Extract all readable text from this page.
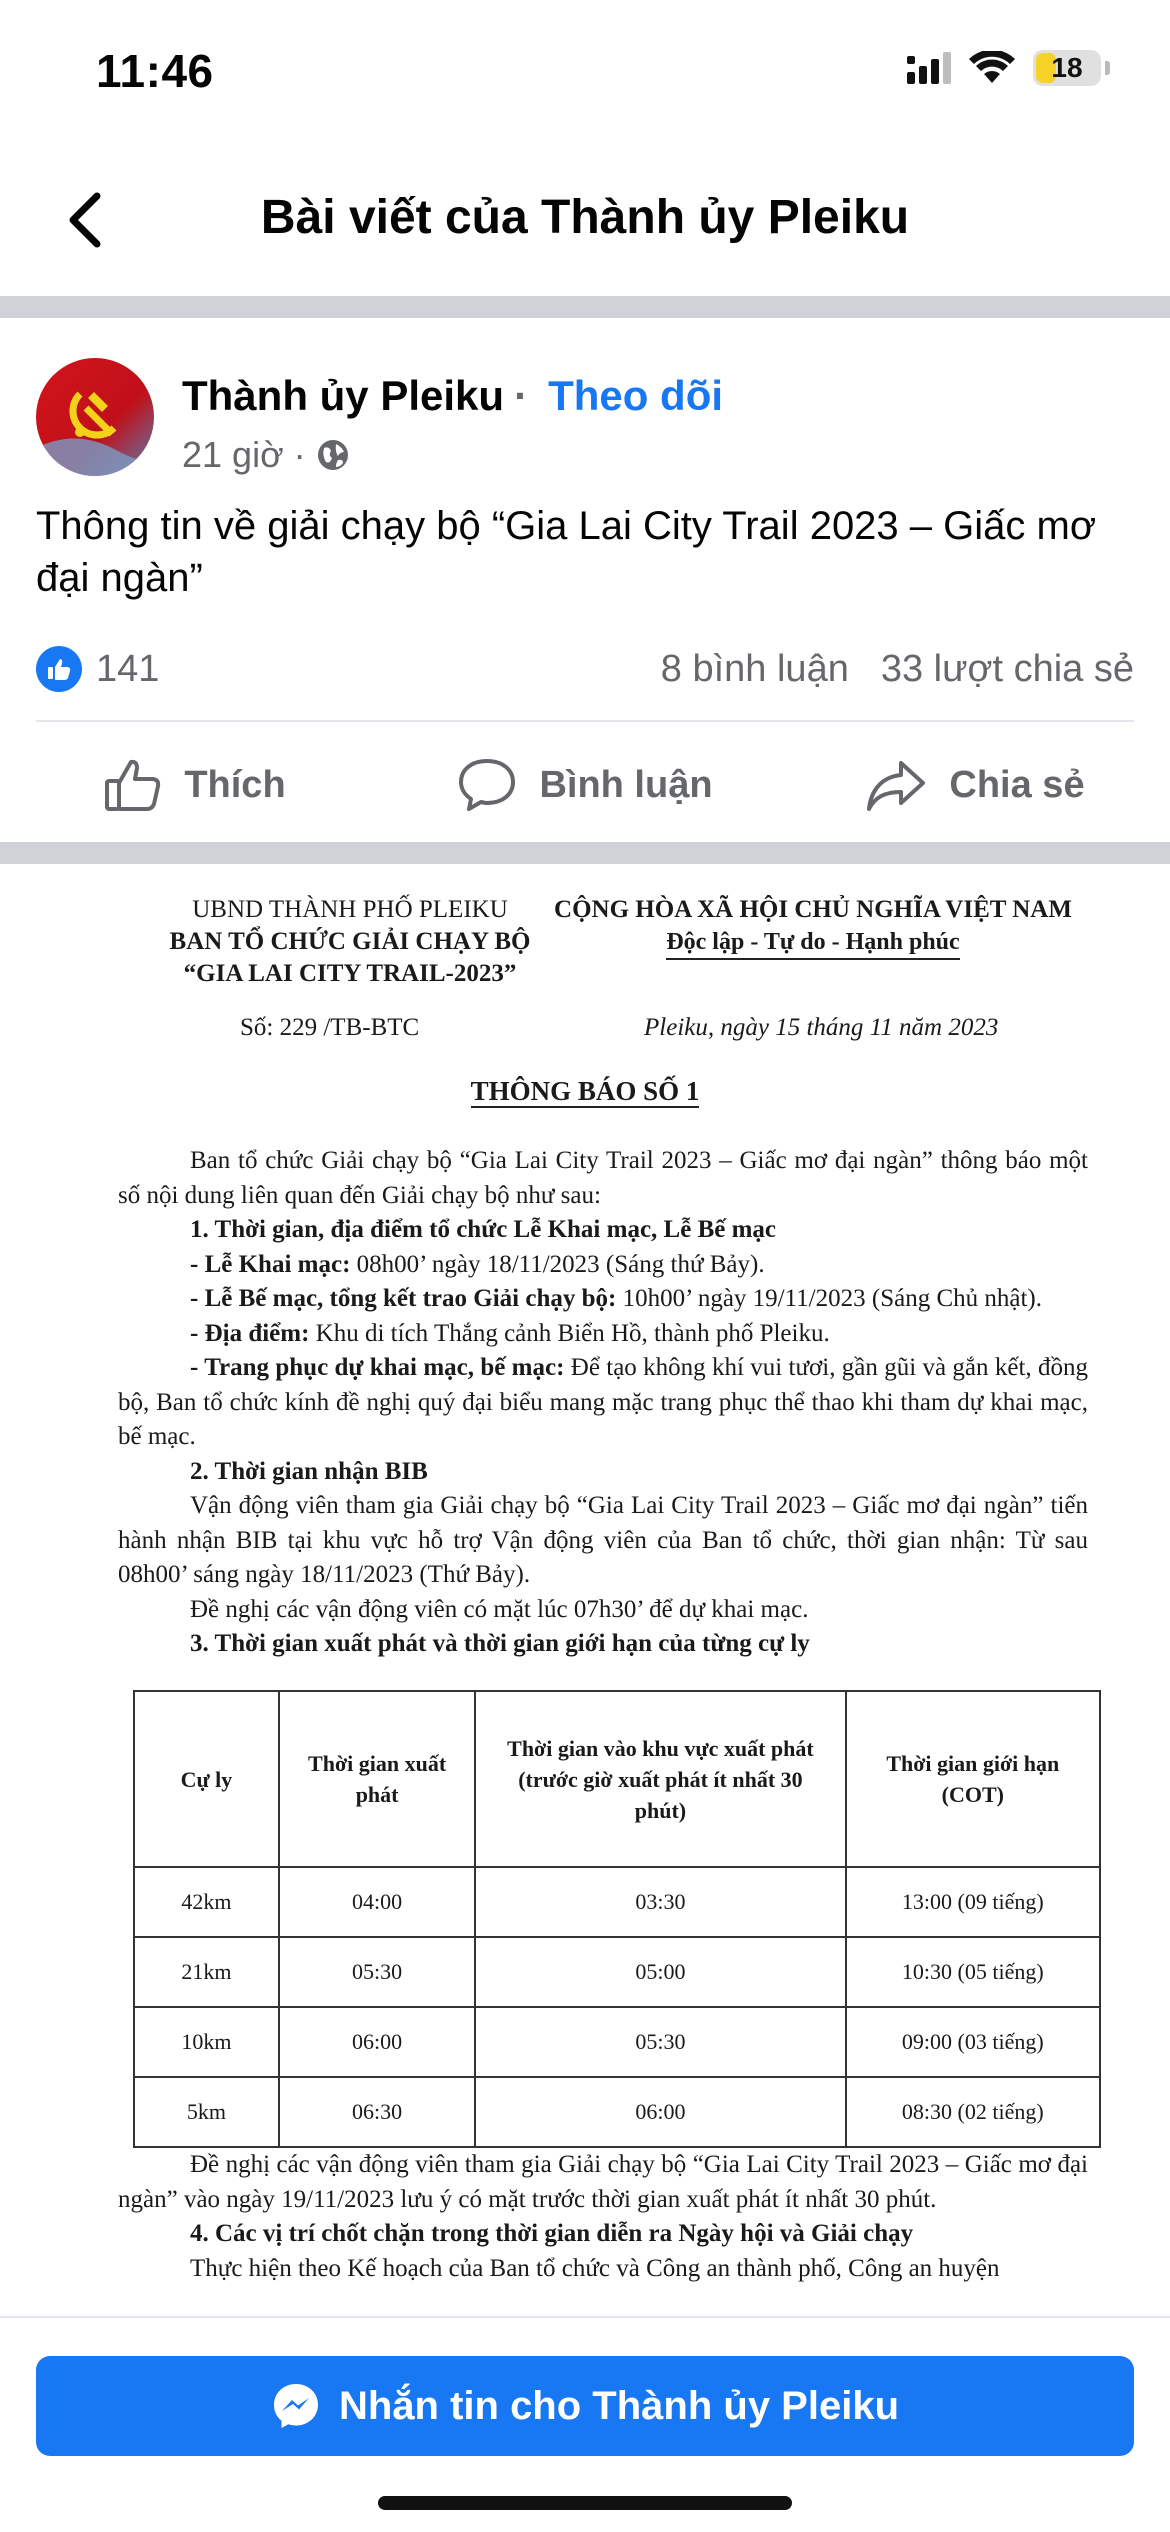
11:46	18
Bài viết của Thành ủy Pleiku
Thành ủy Pleiku · Theo dõi
21 giờ ·
Thông tin về giải chạy bộ “Gia Lai City Trail 2023 – Giấc mơ đại ngàn”
141	8 bình luận 33 lượt chia sẻ
Thích	Bình luận	Chia sẻ
UBND THÀNH PHỐ PLEIKU
BAN TỔ CHỨC GIẢI CHẠY BỘ
“GIA LAI CITY TRAIL-2023”
CỘNG HÒA XÃ HỘI CHỦ NGHĨA VIỆT NAM
Độc lập - Tự do - Hạnh phúc
Số: 229 /TB-BTC	Pleiku, ngày 15 tháng 11 năm 2023
THÔNG BÁO SỐ 1

Ban tổ chức Giải chạy bộ “Gia Lai City Trail 2023 – Giấc mơ đại ngàn” thông báo một số nội dung liên quan đến Giải chạy bộ như sau:

1. Thời gian, địa điểm tổ chức Lễ Khai mạc, Lễ Bế mạc

- Lễ Khai mạc: 08h00’ ngày 18/11/2023 (Sáng thứ Bảy).

- Lễ Bế mạc, tổng kết trao Giải chạy bộ: 10h00’ ngày 19/11/2023 (Sáng Chủ nhật).

- Địa điểm: Khu di tích Thắng cảnh Biển Hồ, thành phố Pleiku.

- Trang phục dự khai mạc, bế mạc: Để tạo không khí vui tươi, gần gũi và gắn kết, đồng bộ, Ban tổ chức kính đề nghị quý đại biểu mang mặc trang phục thể thao khi tham dự khai mạc, bế mạc.

2. Thời gian nhận BIB

Vận động viên tham gia Giải chạy bộ “Gia Lai City Trail 2023 – Giấc mơ đại ngàn” tiến hành nhận BIB tại khu vực hỗ trợ Vận động viên của Ban tổ chức, thời gian nhận: Từ sau 08h00’ sáng ngày 18/11/2023 (Thứ Bảy).

Đề nghị các vận động viên có mặt lúc 07h30’ để dự khai mạc.

3. Thời gian xuất phát và thời gian giới hạn của từng cự ly

Cự ly	Thời gian xuất phát	Thời gian vào khu vực xuất phát (trước giờ xuất phát ít nhất 30 phút)	Thời gian giới hạn (COT)
42km	04:00	03:30	13:00 (09 tiếng)
21km	05:30	05:00	10:30 (05 tiếng)
10km	06:00	05:30	09:00 (03 tiếng)
5km	06:30	06:00	08:30 (02 tiếng)

Đề nghị các vận động viên tham gia Giải chạy bộ “Gia Lai City Trail 2023 – Giấc mơ đại ngàn” vào ngày 19/11/2023 lưu ý có mặt trước thời gian xuất phát ít nhất 30 phút.

4. Các vị trí chốt chặn trong thời gian diễn ra Ngày hội và Giải chạy

Thực hiện theo Kế hoạch của Ban tổ chức và Công an thành phố, Công an huyện

Nhắn tin cho Thành ủy Pleiku
